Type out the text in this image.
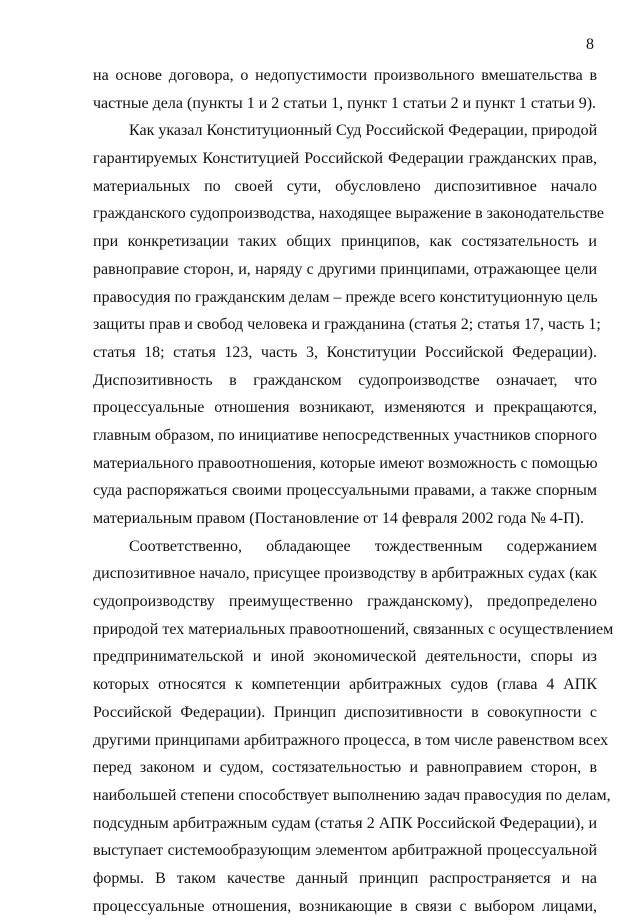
8
на основе договора, о недопустимости произвольного вмешательства в
частные дела (пункты 1 и 2 статьи 1, пункт 1 статьи 2 и пункт 1 статьи 9).
Как указал Конституционный Суд Российской Федерации, природой
гарантируемых Конституцией Российской Федерации гражданских прав,
материальных по своей сути, обусловлено диспозитивное начало
гражданского судопроизводства, находящее выражение в законодательстве
при конкретизации таких общих принципов, как состязательность и
равноправие сторон, и, наряду с другими принципами, отражающее цели
правосудия по гражданским делам – прежде всего конституционную цель
защиты прав и свобод человека и гражданина (статья 2; статья 17, часть 1;
статья 18; статья 123, часть 3, Конституции Российской Федерации).
Диспозитивность в гражданском судопроизводстве означает, что
процессуальные отношения возникают, изменяются и прекращаются,
главным образом, по инициативе непосредственных участников спорного
материального правоотношения, которые имеют возможность с помощью
суда распоряжаться своими процессуальными правами, а также спорным
материальным правом (Постановление от 14 февраля 2002 года № 4-П).
Соответственно, обладающее тождественным содержанием
диспозитивное начало, присущее производству в арбитражных судах (как
судопроизводству преимущественно гражданскому), предопределено
природой тех материальных правоотношений, связанных с осуществлением
предпринимательской и иной экономической деятельности, споры из
которых относятся к компетенции арбитражных судов (глава 4 АПК
Российской Федерации). Принцип диспозитивности в совокупности с
другими принципами арбитражного процесса, в том числе равенством всех
перед законом и судом, состязательностью и равноправием сторон, в
наибольшей степени способствует выполнению задач правосудия по делам,
подсудным арбитражным судам (статья 2 АПК Российской Федерации), и
выступает системообразующим элементом арбитражной процессуальной
формы. В таком качестве данный принцип распространяется и на
процессуальные отношения, возникающие в связи с выбором лицами,
